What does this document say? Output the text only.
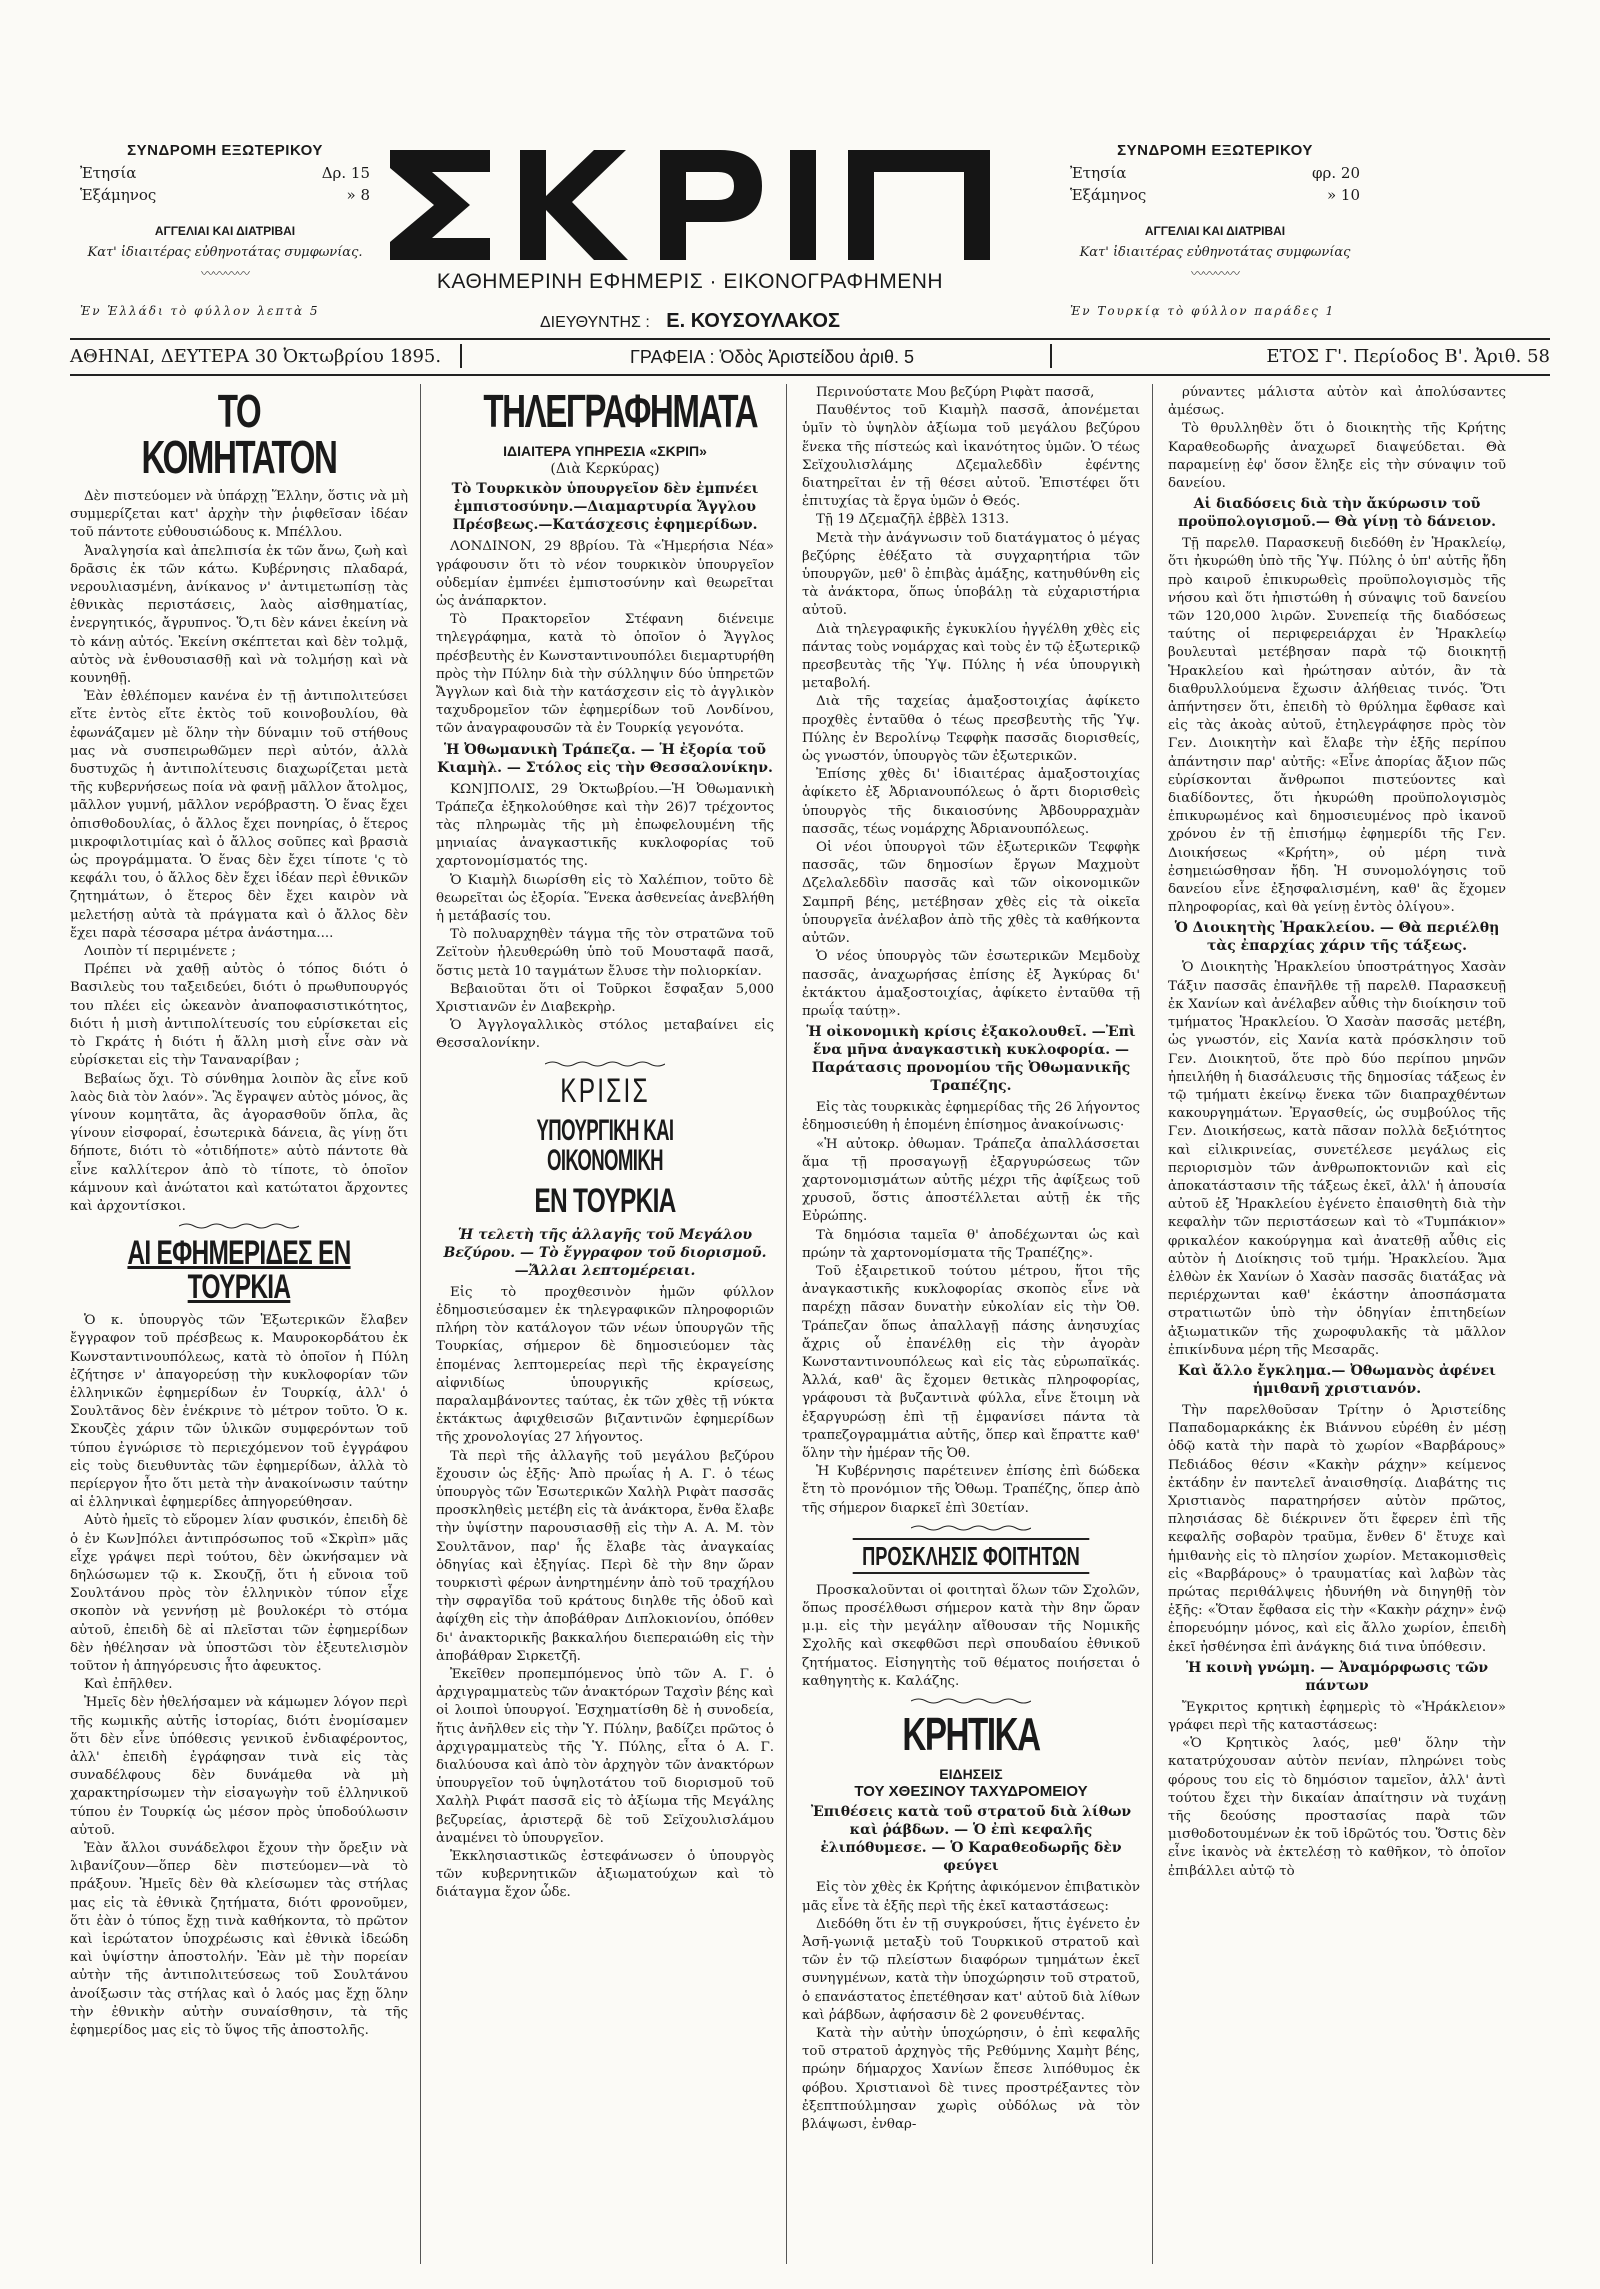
ΣΥΝΔΡΟΜΗ ΕΞΩΤΕΡΙΚΟΥ
Ἐτησία	Δρ. 15
Ἑξάμηνος	» 8
ΑΓΓΕΛΙΑΙ ΚΑΙ ΔΙΑΤΡΙΒΑΙ
Κατ' ἰδιαιτέρας εὐθηνοτάτας συμφωνίας.
〰〰〰〰
Ἐν Ἑλλάδι τὸ φύλλον λεπτὰ 5
ΚΑΘΗΜΕΡΙΝΗ ΕΦΗΜΕΡΙΣ · ΕΙΚΟΝΟΓΡΑΦΗΜΕΝΗ
ΔΙΕΥΘΥΝΤΗΣ : Ε. ΚΟΥΣΟΥΛΑΚΟΣ
ΣΥΝΔΡΟΜΗ ΕΞΩΤΕΡΙΚΟΥ
Ἐτησία	φρ. 20
Ἑξάμηνος	» 10
ΑΓΓΕΛΙΑΙ ΚΑΙ ΔΙΑΤΡΙΒΑΙ
Κατ' ἰδιαιτέρας εὐθηνοτάτας συμφωνίας
〰〰〰〰
Ἐν Τουρκίᾳ τὸ φύλλον παράδες 1
ΑΘΗΝΑΙ, ΔΕΥΤΕΡΑ 30 Ὀκτωβρίου 1895.	ΓΡΑΦΕΙΑ : Ὁδὸς Ἀριστείδου ἀριθ. 5	ΕΤΟΣ Γ'. Περίοδος Β'. Ἀριθ. 58
ΤΟ ΚΟΜΗΤΑΤΟΝ

Δὲν πιστεύομεν νὰ ὑπάρχῃ Ἕλλην, ὅστις νὰ μὴ συμμερίζεται κατ' ἀρχὴν τὴν ῥιφθεῖσαν ἰδέαν τοῦ πάντοτε εὐθουσιώδους κ. Μπέλλου.

Ἀναλγησία καὶ ἀπελπισία ἐκ τῶν ἄνω, ζωὴ καὶ δρᾶσις ἐκ τῶν κάτω. Κυβέρνησις πλαδαρά, νερουλιασμένη, ἀνίκανος ν' ἀντιμετωπίσῃ τὰς ἐθνικὰς περιστάσεις, λαὸς αἰσθηματίας, ἐνεργητικός, ἄγρυπνος. Ὅ,τι δὲν κάνει ἐκείνη νὰ τὸ κάνῃ αὐτός. Ἐκείνη σκέπτεται καὶ δὲν τολμᾷ, αὐτὸς νὰ ἐνθουσιασθῇ καὶ νὰ τολμήσῃ καὶ νὰ κουνηθῇ.

Ἐὰν ἐθλέπομεν κανένα ἐν τῇ ἀντιπολιτεύσει εἴτε ἐντὸς εἴτε ἐκτὸς τοῦ κοινοβουλίου, θὰ ἐφωνάζαμεν μὲ ὅλην τὴν δύναμιν τοῦ στήθους μας νὰ συσπειρωθῶμεν περὶ αὐτόν, ἀλλὰ δυστυχῶς ἡ ἀντιπολίτευσις διαχωρίζεται μετὰ τῆς κυβερνήσεως ποία νὰ φανῇ μᾶλλον ἄτολμος, μᾶλλον γυμνή, μᾶλλον νερόβραστη. Ὁ ἕνας ἔχει ὀπισθοδουλίας, ὁ ἄλλος ἔχει πονηρίας, ὁ ἕτερος μικροφιλοτιμίας καὶ ὁ ἄλλος σοῦπες καὶ βρασιὰ ὡς προγράμματα. Ὁ ἕνας δὲν ἔχει τίποτε 'ς τὸ κεφάλι του, ὁ ἄλλος δὲν ἔχει ἰδέαν περὶ ἐθνικῶν ζητημάτων, ὁ ἕτερος δὲν ἔχει καιρὸν νὰ μελετήσῃ αὐτὰ τὰ πράγματα καὶ ὁ ἄλλος δὲν ἔχει παρὰ τέσσαρα μέτρα ἀνάστημα....

Λοιπὸν τί περιμένετε ;

Πρέπει νὰ χαθῇ αὐτὸς ὁ τόπος διότι ὁ Βασιλεὺς του ταξειδεύει, διότι ὁ πρωθυπουργός του πλέει εἰς ὠκεανὸν ἀναποφασιστικότητος, διότι ἡ μισὴ ἀντιπολίτευσίς του εὑρίσκεται εἰς τὸ Γκράτς ἡ διότι ἡ ἄλλη μισὴ εἶνε σὰν νὰ εὑρίσκεται εἰς τὴν Ταναναρίβαν ;

Βεβαίως ὄχι. Τὸ σύνθημα λοιπὸν ἂς εἶνε κοῦ λαὸς διὰ τὸν λαόν». Ἂς ἔγραψεν αὐτὸς μόνος, ἂς γίνουν κομητᾶτα, ἂς ἀγορασθοῦν ὅπλα, ἂς γίνουν εἰσφοραί, ἐσωτερικὰ δάνεια, ἂς γίνῃ ὅτι δήποτε, διότι τὸ «ὁτιδήποτε» αὐτὸ πάντοτε θὰ εἶνε καλλίτερον ἀπὸ τὸ τίποτε, τὸ ὁποῖον κάμνουν καὶ ἀνώτατοι καὶ κατώτατοι ἄρχοντες καὶ ἀρχοντίσκοι.

ΑΙ ΕΦΗΜΕΡΙΔΕΣ ΕΝ ΤΟΥΡΚΙΑ

Ὁ κ. ὑπουργὸς τῶν Ἐξωτερικῶν ἔλαβεν ἔγγραφον τοῦ πρέσβεως κ. Μαυροκορδάτου ἐκ Κωνσταντινουπόλεως, κατὰ τὸ ὁποῖον ἡ Πύλη ἐζήτησε ν' ἀπαγορεύσῃ τὴν κυκλοφορίαν τῶν ἑλληνικῶν ἐφημερίδων ἐν Τουρκίᾳ, ἀλλ' ὁ Σουλτᾶνος δὲν ἐνέκρινε τὸ μέτρον τοῦτο. Ὁ κ. Σκουζὲς χάριν τῶν ὑλικῶν συμφερόντων τοῦ τύπου ἐγνώρισε τὸ περιεχόμενον τοῦ ἐγγράφου εἰς τοὺς διευθυντὰς τῶν ἐφημερίδων, ἀλλὰ τὸ περίεργον ἦτο ὅτι μετὰ τὴν ἀνακοίνωσιν ταύτην αἱ ἑλληνικαὶ ἐφημερίδες ἀπηγορεύθησαν.

Αὐτὸ ἠμεῖς τὸ εὕρομεν λίαν φυσικόν, ἐπειδὴ δὲ ὁ ἐν Κων]πόλει ἀντιπρόσωπος τοῦ «Σκρὶπ» μᾶς εἶχε γράψει περὶ τούτου, δὲν ὠκνήσαμεν νὰ δηλώσωμεν τῷ κ. Σκουζῇ, ὅτι ἡ εὔνοια τοῦ Σουλτάνου πρὸς τὸν ἑλληνικὸν τύπον εἶχε σκοπὸν νὰ γεννήσῃ μὲ βουλοκέρι τὸ στόμα αὐτοῦ, ἐπειδὴ δὲ αἱ πλεῖσται τῶν ἐφημερίδων δὲν ἠθέλησαν νὰ ὑποστῶσι τὸν ἐξευτελισμὸν τοῦτον ἡ ἀπηγόρευσις ἦτο ἀφευκτος.

Καὶ ἐπῆλθεν.

Ἠμεῖς δὲν ἠθελήσαμεν νὰ κάμωμεν λόγον περὶ τῆς κωμικῆς αὐτῆς ἱστορίας, διότι ἐνομίσαμεν ὅτι δὲν εἶνε ὑπόθεσις γενικοῦ ἐνδιαφέροντος, ἀλλ' ἐπειδὴ ἐγράφησαν τινὰ εἰς τὰς συναδέλφους δὲν δυνάμεθα νὰ μὴ χαρακτηρίσωμεν τὴν εἰσαγωγὴν τοῦ ἑλληνικοῦ τύπου ἐν Τουρκίᾳ ὡς μέσον πρὸς ὑποδούλωσιν αὐτοῦ.

Ἐὰν ἄλλοι συνάδελφοι ἔχουν τὴν ὄρεξιν νὰ λιβανίζουν—ὅπερ δὲν πιστεύομεν—νὰ τὸ πράξουν. Ἠμεῖς δὲν θὰ κλείσωμεν τὰς στήλας μας εἰς τὰ ἐθνικὰ ζητήματα, διότι φρονοῦμεν, ὅτι ἐὰν ὁ τύπος ἔχῃ τινὰ καθήκοντα, τὸ πρῶτον καὶ ἱερώτατον ὑποχρέωσις καὶ ἐθνικὰ ἰδεώδη καὶ ὑψίστην ἀποστολήν. Ἐὰν μὲ τὴν πορείαν αὐτὴν τῆς ἀντιπολιτεύσεως τοῦ Σουλτάνου ἀνοίξωσιν τὰς στήλας καὶ ὁ λαός μας ἔχῃ ὅλην τὴν ἐθνικὴν αὐτὴν συναίσθησιν, τὰ τῆς ἐφημερίδος μας εἰς τὸ ὕψος τῆς ἀποστολῆς.

ΤΗΛΕΓΡΑΦΗΜΑΤΑ
ΙΔΙΑΙΤΕΡΑ ΥΠΗΡΕΣΙΑ «ΣΚΡΙΠ»
(Διὰ Κερκύρας)
Τὸ Τουρκικὸν ὑπουργεῖον δὲν ἐμπνέει ἐμπιστοσύνην.—Διαμαρτυρία Ἄγγλου Πρέσβεως.—Κατάσχεσις ἐφημερίδων.

ΛΟΝΔΙΝΟΝ, 29 8βρίου. Τὰ «Ἡμερήσια Νέα» γράφουσιν ὅτι τὸ νέον τουρκικὸν ὑπουργεῖον οὐδεμίαν ἐμπνέει ἐμπιστοσύνην καὶ θεωρεῖται ὡς ἀνάπαρκτον.

Τὸ Πρακτορεῖον Στέφανη διένειμε τηλεγράφημα, κατὰ τὸ ὁποῖον ὁ Ἄγγλος πρέσβευτὴς ἐν Κωνσταντινουπόλει διεμαρτυρήθη πρὸς τὴν Πύλην διὰ τὴν σύλληψιν δύο ὑπηρετῶν Ἄγγλων καὶ διὰ τὴν κατάσχεσιν εἰς τὸ ἀγγλικὸν ταχυδρομεῖον τῶν ἐφημερίδων τοῦ Λονδίνου, τῶν ἀναγραφουσῶν τὰ ἐν Τουρκίᾳ γεγονότα.

Ἡ Ὀθωμανικὴ Τράπεζα. — Ἡ ἐξορία τοῦ Κιαμὴλ. — Στόλος εἰς τὴν Θεσσαλονίκην.

ΚΩΝ]ΠΟΛΙΣ, 29 Ὀκτωβρίου.—Ἡ Ὀθωμανικὴ Τράπεζα ἐξηκολούθησε καὶ τὴν 26)7 τρέχοντος τὰς πληρωμὰς τῆς μὴ ἐπωφελουμένη τῆς μηνιαίας ἀναγκαστικῆς κυκλοφορίας τοῦ χαρτονομίσματός της.

Ὁ Κιαμὴλ διωρίσθη εἰς τὸ Χαλέπιον, τοῦτο δὲ θεωρεῖται ὡς ἐξορία. Ἕνεκα ἀσθενείας ἀνεβλήθη ἡ μετάβασίς του.

Τὸ πολυαρχηθὲν τάγμα τῆς τὸν στρατῶνα τοῦ Ζεϊτοὺν ἠλευθερώθη ὑπὸ τοῦ Μουσταφᾶ πασᾶ, ὅστις μετὰ 10 ταγμάτων ἔλυσε τὴν πολιορκίαν.

Βεβαιοῦται ὅτι οἱ Τοῦρκοι ἔσφαξαν 5,000 Χριστιανῶν ἐν Διαβεκρὴρ.

Ὁ Ἀγγλογαλλικὸς στόλος μεταβαίνει εἰς Θεσσαλονίκην.

ΚΡΙΣΙΣ
ΥΠΟΥΡΓΙΚΗ ΚΑΙ ΟΙΚΟΝΟΜΙΚΗ
ΕΝ ΤΟΥΡΚΙΑ
Ἡ τελετὴ τῆς ἀλλαγῆς τοῦ Μεγάλου Βεζύρου. — Τὸ ἔγγραφον τοῦ διορισμοῦ. —Ἄλλαι λεπτομέρειαι.

Εἰς τὸ προχθεσινὸν ἡμῶν φύλλον ἐδημοσιεύσαμεν ἐκ τηλεγραφικῶν πληροφοριῶν πλήρη τὸν κατάλογον τῶν νέων ὑπουργῶν τῆς Τουρκίας, σήμερον δὲ δημοσιεύομεν τὰς ἑπομένας λεπτομερείας περὶ τῆς ἐκραγείσης αἰφνιδίως ὑπουργικῆς κρίσεως, παραλαμβάνοντες ταύτας, ἐκ τῶν χθὲς τῇ νύκτα ἐκτάκτως ἀφιχθεισῶν βιζαντινῶν ἐφημερίδων τῆς χρονολογίας 27 λήγοντος.

Τὰ περὶ τῆς ἀλλαγῆς τοῦ μεγάλου βεζύρου ἔχουσιν ὡς ἑξῆς· Ἀπὸ πρωΐας ἡ Α. Γ. ὁ τέως ὑπουργὸς τῶν Ἐσωτερικῶν Χαλὴλ Ριφὰτ πασσᾶς προσκληθεὶς μετέβη εἰς τὰ ἀνάκτορα, ἔνθα ἔλαβε τὴν ὑψίστην παρουσιασθῇ εἰς τὴν Α. Α. Μ. τὸν Σουλτᾶνον, παρ' ἧς ἔλαβε τὰς ἀναγκαίας ὁδηγίας καὶ ἐξηγίας. Περὶ δὲ τὴν 8ην ὥραν τουρκιστὶ φέρων ἀνηρτημένην ἀπὸ τοῦ τραχήλου τὴν σφραγῖδα τοῦ κράτους διηλθε τῆς ὁδοῦ καὶ ἀφίχθη εἰς τὴν ἀποβάθραν Διπλοκιονίου, ὁπόθεν δι' ἀνακτορικῆς βακκαλήου διεπεραιώθη εἰς τὴν ἀποβάθραν Σιρκετζῆ.

Ἐκεῖθεν προπεμπόμενος ὑπὸ τῶν Α. Γ. ὁ ἀρχιγραμματεὺς τῶν ἀνακτόρων Ταχσὶν βέης καὶ οἱ λοιποὶ ὑπουργοί. Ἐσχηματίσθη δὲ ἡ συνοδεία, ἥτις ἀνῆλθεν εἰς τὴν Ὑ. Πύλην, βαδίζει πρῶτος ὁ ἀρχιγραμματεὺς τῆς Ὑ. Πύλης, εἶτα ὁ Α. Γ. διαλύουσα καὶ ἀπὸ τὸν ἀρχηγὸν τῶν ἀνακτόρων ὑπουργεῖον τοῦ ὑψηλοτάτου τοῦ διορισμοῦ τοῦ Χαλὴλ Ριφάτ πασσᾶ εἰς τὸ ἀξίωμα τῆς Μεγάλης βεζυρείας, ἀριστερᾷ δὲ τοῦ Σεϊχουλισλάμου ἀναμένει τὸ ὑπουργεῖον.

Ἐκκλησιαστικῶς ἐστεφάνωσεν ὁ ὑπουργὸς τῶν κυβερνητικῶν ἀξιωματούχων καὶ τὸ διάταγμα ἔχον ὧδε.

Περινούστατε Μου βεζύρη Ριφὰτ πασσᾶ,

Παυθέντος τοῦ Κιαμὴλ πασσᾶ, ἀπονέμεται ὑμῖν τὸ ὑψηλὸν ἀξίωμα τοῦ μεγάλου βεζύρου ἕνεκα τῆς πίστεώς καὶ ἱκανότητος ὑμῶν. Ὁ τέως Σεϊχουλισλάμης Δζεμαλεδδὶν ἐφέντης διατηρεῖται ἐν τῇ θέσει αὐτοῦ. Ἐπιστέφει ὅτι ἐπιτυχίας τὰ ἔργα ὑμῶν ὁ Θεός.

Τῇ 19 Δζεμαζῆλ ἐββὲλ 1313.

Μετὰ τὴν ἀνάγνωσιν τοῦ διατάγματος ὁ μέγας βεζύρης ἐθέξατο τὰ συγχαρητήρια τῶν ὑπουργῶν, μεθ' ὃ ἐπιβὰς ἁμάξης, κατηυθύνθη εἰς τὰ ἀνάκτορα, ὅπως ὑποβάλῃ τὰ εὐχαριστήρια αὐτοῦ.

Διὰ τηλεγραφικῆς ἐγκυκλίου ἠγγέλθη χθὲς εἰς πάντας τοὺς νομάρχας καὶ τοὺς ἐν τῷ ἐξωτερικῷ πρεσβευτὰς τῆς Ὑψ. Πύλης ἡ νέα ὑπουργικὴ μεταβολή.

Διὰ τῆς ταχείας ἁμαξοστοιχίας ἀφίκετο προχθὲς ἐνταῦθα ὁ τέως πρεσβευτὴς τῆς Ὑψ. Πύλης ἐν Βερολίνῳ Τεφφὴκ πασσᾶς διορισθείς, ὡς γνωστόν, ὑπουργὸς τῶν ἐξωτερικῶν.

Ἐπίσης χθὲς δι' ἰδιαιτέρας ἁμαξοστοιχίας ἀφίκετο ἐξ Ἀδριανουπόλεως ὁ ἄρτι διορισθεὶς ὑπουργὸς τῆς δικαιοσύνης Ἀβδουρραχμὰν πασσᾶς, τέως νομάρχης Ἀδριανουπόλεως.

Οἱ νέοι ὑπουργοὶ τῶν ἐξωτερικῶν Τεφφὴκ πασσᾶς, τῶν δημοσίων ἔργων Μαχμοὺτ Δζελαλεδδὶν πασσᾶς καὶ τῶν οἰκονομικῶν Σαμπρῆ βέης, μετέβησαν χθὲς εἰς τὰ οἰκεῖα ὑπουργεῖα ἀνέλαβον ἀπὸ τῆς χθὲς τὰ καθήκοντα αὐτῶν.

Ὁ νέος ὑπουργὸς τῶν ἐσωτερικῶν Μεμδοὺχ πασσᾶς, ἀναχωρήσας ἐπίσης ἐξ Ἀγκύρας δι' ἐκτάκτου ἁμαξοστοιχίας, ἀφίκετο ἐνταῦθα τῇ πρωΐᾳ ταύτῃ».

Ἡ οἰκονομικὴ κρίσις ἐξακολουθεῖ. —Ἐπὶ ἕνα μῆνα ἀναγκαστικὴ κυκλοφορία. — Παράτασις προνομίου τῆς Ὀθωμανικῆς Τραπέζης.

Εἰς τὰς τουρκικὰς ἐφημερίδας τῆς 26 λήγοντος ἐδημοσιεύθη ἡ ἑπομένη ἐπίσημος ἀνακοίνωσις·

«Ἡ αὐτοκρ. ὀθωμαν. Τράπεζα ἀπαλλάσσεται ἅμα τῇ προσαγωγῇ ἐξαργυρώσεως τῶν χαρτονομισμάτων αὐτῆς μέχρι τῆς ἀφίξεως τοῦ χρυσοῦ, ὅστις ἀποστέλλεται αὐτῇ ἐκ τῆς Εὐρώπης.

Τὰ δημόσια ταμεῖα θ' ἀποδέχωνται ὡς καὶ πρώην τὰ χαρτονομίσματα τῆς Τραπέζης».

Τοῦ ἐξαιρετικοῦ τούτου μέτρου, ἥτοι τῆς ἀναγκαστικῆς κυκλοφορίας σκοπὸς εἶνε νὰ παρέχῃ πᾶσαν δυνατὴν εὐκολίαν εἰς τὴν Ὀθ. Τράπεζαν ὅπως ἀπαλλαγῇ πάσης ἀνησυχίας ἄχρις οὗ ἐπανέλθῃ εἰς τὴν ἀγορὰν Κωνσταντινουπόλεως καὶ εἰς τὰς εὐρωπαϊκάς. Ἀλλά, καθ' ἃς ἔχομεν θετικὰς πληροφορίας, γράφουσι τὰ βυζαντινὰ φύλλα, εἶνε ἔτοιμη νὰ ἐξαργυρώσῃ ἐπὶ τῇ ἐμφανίσει πάντα τὰ τραπεζογραμμάτια αὐτῆς, ὅπερ καὶ ἔπραττε καθ' ὅλην τὴν ἡμέραν τῆς Ὀθ.

Ἡ Κυβέρνησις παρέτεινεν ἐπίσης ἐπὶ δώδεκα ἔτη τὸ προνόμιον τῆς Ὀθωμ. Τραπέζης, ὅπερ ἀπὸ τῆς σήμερον διαρκεῖ ἐπὶ 30ετίαν.

ΠΡΟΣΚΛΗΣΙΣ ΦΟΙΤΗΤΩΝ

Προσκαλοῦνται οἱ φοιτηταὶ ὅλων τῶν Σχολῶν, ὅπως προσέλθωσι σήμερον κατὰ τὴν 8ην ὥραν μ.μ. εἰς τὴν μεγάλην αἴθουσαν τῆς Νομικῆς Σχολῆς καὶ σκεφθῶσι περὶ σπουδαίου ἐθνικοῦ ζητήματος. Εἰσηγητὴς τοῦ θέματος ποιήσεται ὁ καθηγητὴς κ. Καλάζης.

ΚΡΗΤΙΚΑ
ΕΙΔΗΣΕΙΣ
ΤΟΥ ΧΘΕΣΙΝΟΥ ΤΑΧΥΔΡΟΜΕΙΟΥ
Ἐπιθέσεις κατὰ τοῦ στρατοῦ διὰ λίθων καὶ ῥάβδων. — Ὁ ἐπὶ κεφαλῆς ἐλιπόθυμεσε. — Ὁ Καραθεοδωρῆς δὲν φεύγει

Εἰς τὸν χθὲς ἐκ Κρήτης ἀφικόμενον ἐπιβατικὸν μᾶς εἶνε τὰ ἑξῆς περὶ τῆς ἐκεῖ καταστάσεως:

Διεδόθη ὅτι ἐν τῇ συγκρούσει, ἥτις ἐγένετο ἐν Ἀσῆ-γωνιᾷ μεταξὺ τοῦ Τουρκικοῦ στρατοῦ καὶ τῶν ἐν τῷ πλείστων διαφόρων τμημάτων ἐκεῖ συνηγμένων, κατὰ τὴν ὑποχώρησιν τοῦ στρατοῦ, ὁ επανάστατος ἐπετέθησαν κατ' αὐτοῦ διὰ λίθων καὶ ῥάβδων, ἀφήσασιν δὲ 2 φονευθέντας.

Κατὰ τὴν αὐτὴν ὑποχώρησιν, ὁ ἐπὶ κεφαλῆς τοῦ στρατοῦ ἀρχηγὸς τῆς Ρεθύμνης Χαμὴτ βέης, πρώην δήμαρχος Χανίων ἔπεσε λιπόθυμος ἐκ φόβου. Χριστιανοὶ δὲ τινες προστρέξαντες τὸν ἐξεπτπούλμησαν χωρὶς οὐδόλως νὰ τὸν βλάψωσι, ἐνθαρ-

ρύναντες μάλιστα αὐτὸν καὶ ἀπολύσαντες ἀμέσως.

Τὸ θρυλληθὲν ὅτι ὁ διοικητὴς τῆς Κρήτης Καραθεοδωρῆς ἀναχωρεῖ διαψεύδεται. Θὰ παραμείνῃ ἐφ' ὅσον ἔληξε εἰς τὴν σύναψιν τοῦ δανείου.

Αἱ διαδόσεις διὰ τὴν ἄκύρωσιν τοῦ προϋπολογισμοῦ.— Θὰ γίνῃ τὸ δάνειον.

Τῇ παρελθ. Παρασκευῇ διεδόθη ἐν Ἡρακλείῳ, ὅτι ἠκυρώθη ὑπὸ τῆς Ὑψ. Πύλης ὁ ὑπ' αὐτῆς ἤδη πρὸ καιροῦ ἐπικυρωθεὶς προϋπολογισμὸς τῆς νήσου καὶ ὅτι ἠπιστώθη ἡ σύναψις τοῦ δανείου τῶν 120,000 λιρῶν. Συνεπείᾳ τῆς διαδόσεως ταύτης οἱ περιφερειάρχαι ἐν Ἡρακλείῳ βουλευταὶ μετέβησαν παρὰ τῷ διοικητῇ Ἡρακλείου καὶ ἠρώτησαν αὐτόν, ἂν τὰ διαθρυλλούμενα ἔχωσιν ἀλήθειας τινός. Ὅτι ἀπήντησεν ὅτι, ἐπειδὴ τὸ θρύλημα ἔφθασε καὶ εἰς τὰς ἀκοὰς αὐτοῦ, ἐτηλεγράφησε πρὸς τὸν Γεν. Διοικητὴν καὶ ἔλαβε τὴν ἑξῆς περίπου ἀπάντησιν παρ' αὐτῆς: «Εἶνε ἀπορίας ἄξιον πῶς εὑρίσκονται ἄνθρωποι πιστεύοντες καὶ διαδίδοντες, ὅτι ἠκυρώθη προϋπολογισμὸς ἐπικυρωμένος καὶ δημοσιευμένος πρὸ ἱκανοῦ χρόνου ἐν τῇ ἐπισήμῳ ἐφημερίδι τῆς Γεν. Διοικήσεως «Κρήτη», οὐ μέρη τινὰ ἐσημειώσθησαν ἤδη. Ἡ συνομολόγησις τοῦ δανείου εἶνε ἐξησφαλισμένη, καθ' ἃς ἔχομεν πληροφορίας, καὶ θὰ γείνῃ ἐντὸς ὀλίγου».

Ὁ Διοικητὴς Ἡρακλείου. — Θὰ περιέλθῃ τὰς ἐπαρχίας χάριν τῆς τάξεως.

Ὁ Διοικητὴς Ἡρακλείου ὑποστράτηγος Χασὰν Τάξιν πασσᾶς ἐπανῆλθε τῇ παρελθ. Παρασκευῇ ἐκ Χανίων καὶ ἀνέλαβεν αὖθις τὴν διοίκησιν τοῦ τμήματος Ἡρακλείου. Ὁ Χασὰν πασσᾶς μετέβη, ὡς γνωστόν, εἰς Χανία κατὰ πρόσκλησιν τοῦ Γεν. Διοικητοῦ, ὅτε πρὸ δύο περίπου μηνῶν ἠπειλήθη ἡ διασάλευσις τῆς δημοσίας τάξεως ἐν τῷ τμήματι ἐκείνῳ ἕνεκα τῶν διαπραχθέντων κακουργημάτων. Ἐργασθείς, ὡς συμβούλος τῆς Γεν. Διοικήσεως, κατὰ πᾶσαν πολλὰ δεξιότητος καὶ εἰλικρινείας, συνετέλεσε μεγάλως εἰς περιορισμὸν τῶν ἀνθρωποκτονιῶν καὶ εἰς ἀποκατάστασιν τῆς τάξεως ἐκεῖ, ἀλλ' ἡ ἀπουσία αὐτοῦ ἐξ Ἡρακλείου ἐγένετο ἐπαισθητὴ διὰ τὴν κεφαλὴν τῶν περιστάσεων καὶ τὸ «Τυμπάκιον» φρικαλέον κακούργημα καὶ ἀνατεθῇ αὖθις εἰς αὐτὸν ἡ Διοίκησις τοῦ τμήμ. Ἡρακλείου. Ἅμα ἐλθὼν ἐκ Χανίων ὁ Χασὰν πασσᾶς διατάξας νὰ περιέρχωνται καθ' ἑκάστην ἀποσπάσματα στρατιωτῶν ὑπὸ τὴν ὁδηγίαν ἐπιτηδείων ἀξιωματικῶν τῆς χωροφυλακῆς τὰ μᾶλλον ἐπικίνδυνα μέρη τῆς Μεσαρᾶς.

Καὶ ἄλλο ἔγκλημα.— Ὀθωμανὸς ἀφένει ἡμιθανῆ χριστιανόν.

Τὴν παρελθοῦσαν Τρίτην ὁ Ἀριστείδης Παπαδομαρκάκης ἐκ Βιάννου εὑρέθη ἐν μέσῃ ὁδῷ κατὰ τὴν παρὰ τὸ χωρίον «Βαρβάρους» Πεδιάδος θέσιν «Κακὴν ράχην» κείμενος ἐκτάδην ἐν παντελεῖ ἀναισθησίᾳ. Διαβάτης τις Χριστιανὸς παρατηρήσεν αὐτὸν πρῶτος, πλησιάσας δὲ διέκρινεν ὅτι ἔφερεν ἐπὶ τῆς κεφαλῆς σοβαρὸν τραῦμα, ἔνθεν δ' ἔτυχε καὶ ἡμιθανὴς εἰς τὸ πλησίον χωρίον. Μετακομισθεὶς εἰς «Βαρβάρους» ὁ τραυματίας καὶ λαβὼν τὰς πρώτας περιθάλψεις ἠδυνήθη νὰ διηγηθῇ τὸν ἑξῆς: «Ὅταν ἔφθασα εἰς τὴν «Κακὴν ράχην» ἐνῷ ἐπορευόμην μόνος, καὶ εἰς ἄλλο χωρίον, ἐπειδὴ ἐκεῖ ἠσθένησα ἐπὶ ἀνάγκης διά τινα ὑπόθεσιν.

Ἡ κοινὴ γνώμη. — Ἀναμόρφωσις τῶν πάντων

Ἔγκριτος κρητικὴ ἐφημερὶς τὸ «Ἡράκλειον» γράφει περὶ τῆς καταστάσεως:

«Ὁ Κρητικὸς λαός, μεθ' ὅλην τὴν κατατρύχουσαν αὐτὸν πενίαν, πληρώνει τοὺς φόρους του εἰς τὸ δημόσιον ταμεῖον, ἀλλ' ἀντὶ τούτου ἔχει τὴν δικαίαν ἀπαίτησιν νὰ τυχάνῃ τῆς δεούσης προστασίας παρὰ τῶν μισθοδοτουμένων ἐκ τοῦ ἰδρῶτός του. Ὅστις δὲν εἶνε ἱκανὸς νὰ ἐκτελέσῃ τὸ καθῆκον, τὸ ὁποῖον ἐπιβάλλει αὐτῷ τὸ
